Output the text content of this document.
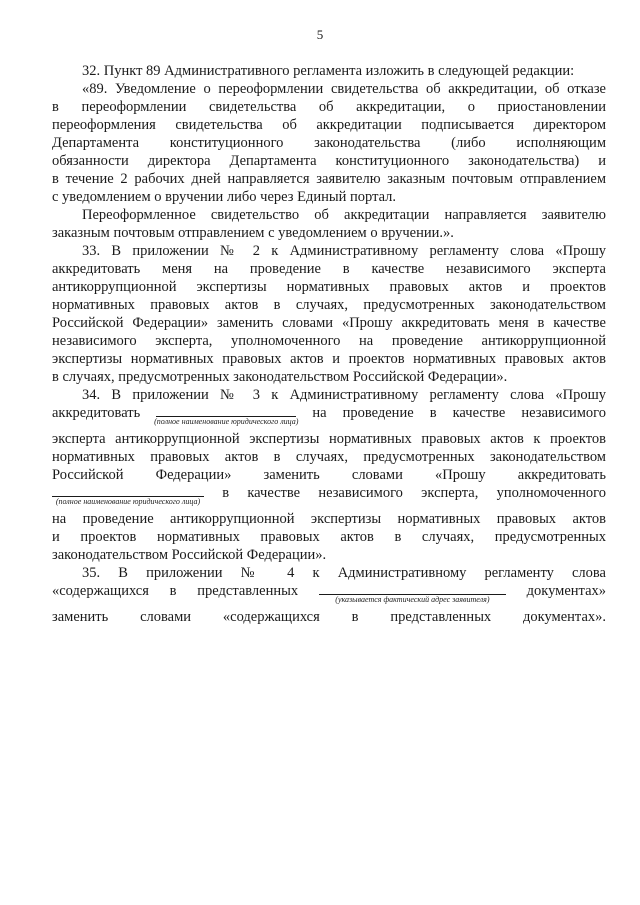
5
32. Пункт 89 Административного регламента изложить в следующей редакции:
«89. Уведомление о переоформлении свидетельства об аккредитации, об отказе
в переоформлении свидетельства об аккредитации, о приостановлении
переоформления свидетельства об аккредитации подписывается директором
Департамента конституционного законодательства (либо исполняющим
обязанности директора Департамента конституционного законодательства) и
в течение 2 рабочих дней направляется заявителю заказным почтовым отправлением
с уведомлением о вручении либо через Единый портал.
Переоформленное свидетельство об аккредитации направляется заявителю
заказным почтовым отправлением с уведомлением о вручении.».
33. В приложении № 2 к Административному регламенту слова «Прошу
аккредитовать меня на проведение в качестве независимого эксперта
антикоррупционной экспертизы нормативных правовых актов и проектов
нормативных правовых актов в случаях, предусмотренных законодательством
Российской Федерации» заменить словами «Прошу аккредитовать меня в качестве
независимого эксперта, уполномоченного на проведение антикоррупционной
экспертизы нормативных правовых актов и проектов нормативных правовых актов
в случаях, предусмотренных законодательством Российской Федерации».
34. В приложении № 3 к Административному регламенту слова «Прошу
аккредитовать
(полное наименование юридического лица)
на проведение в качестве независимого
эксперта антикоррупционной экспертизы нормативных правовых актов к проектов
нормативных правовых актов в случаях, предусмотренных законодательством
Российской Федерации» заменить словами «Прошу аккредитовать
(полное наименование юридического лица)
в качестве независимого эксперта, уполномоченного
на проведение антикоррупционной экспертизы нормативных правовых актов
и проектов нормативных правовых актов в случаях, предусмотренных
законодательством Российской Федерации».
35. В приложении № 4 к Административному регламенту слова
«содержащихся в представленных
(указывается фактический адрес заявителя)
документах»
заменить словами «содержащихся в представленных документах».
